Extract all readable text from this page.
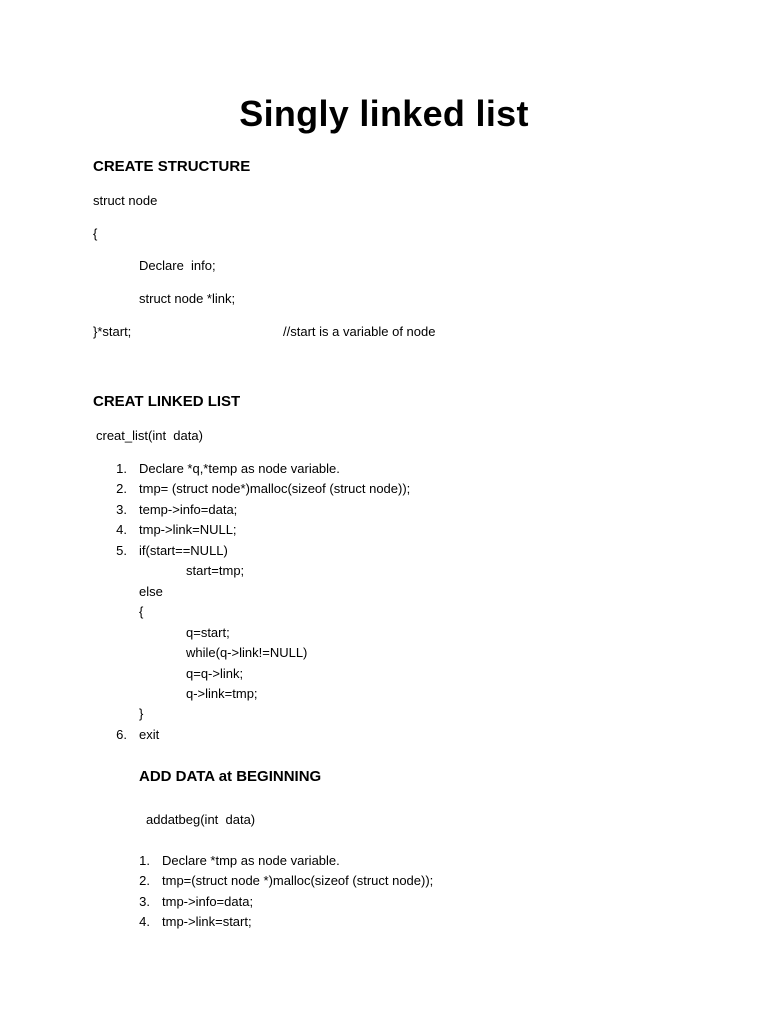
Singly linked list
CREATE STRUCTURE
struct node
{
Declare  info;
struct node *link;
}*start;	//start is a variable of node
CREAT LINKED LIST
creat_list(int  data)
1. Declare *q,*temp as node variable.
2. tmp= (struct node*)malloc(sizeof (struct node));
3. temp->info=data;
4. tmp->link=NULL;
5. if(start==NULL)
start=tmp;
else
{
q=start;
while(q->link!=NULL)
q=q->link;
q->link=tmp;
}
6. exit
ADD DATA at BEGINNING
addatbeg(int  data)
1. Declare *tmp as node variable.
2. tmp=(struct node *)malloc(sizeof (struct node));
3. tmp->info=data;
4. tmp->link=start;
